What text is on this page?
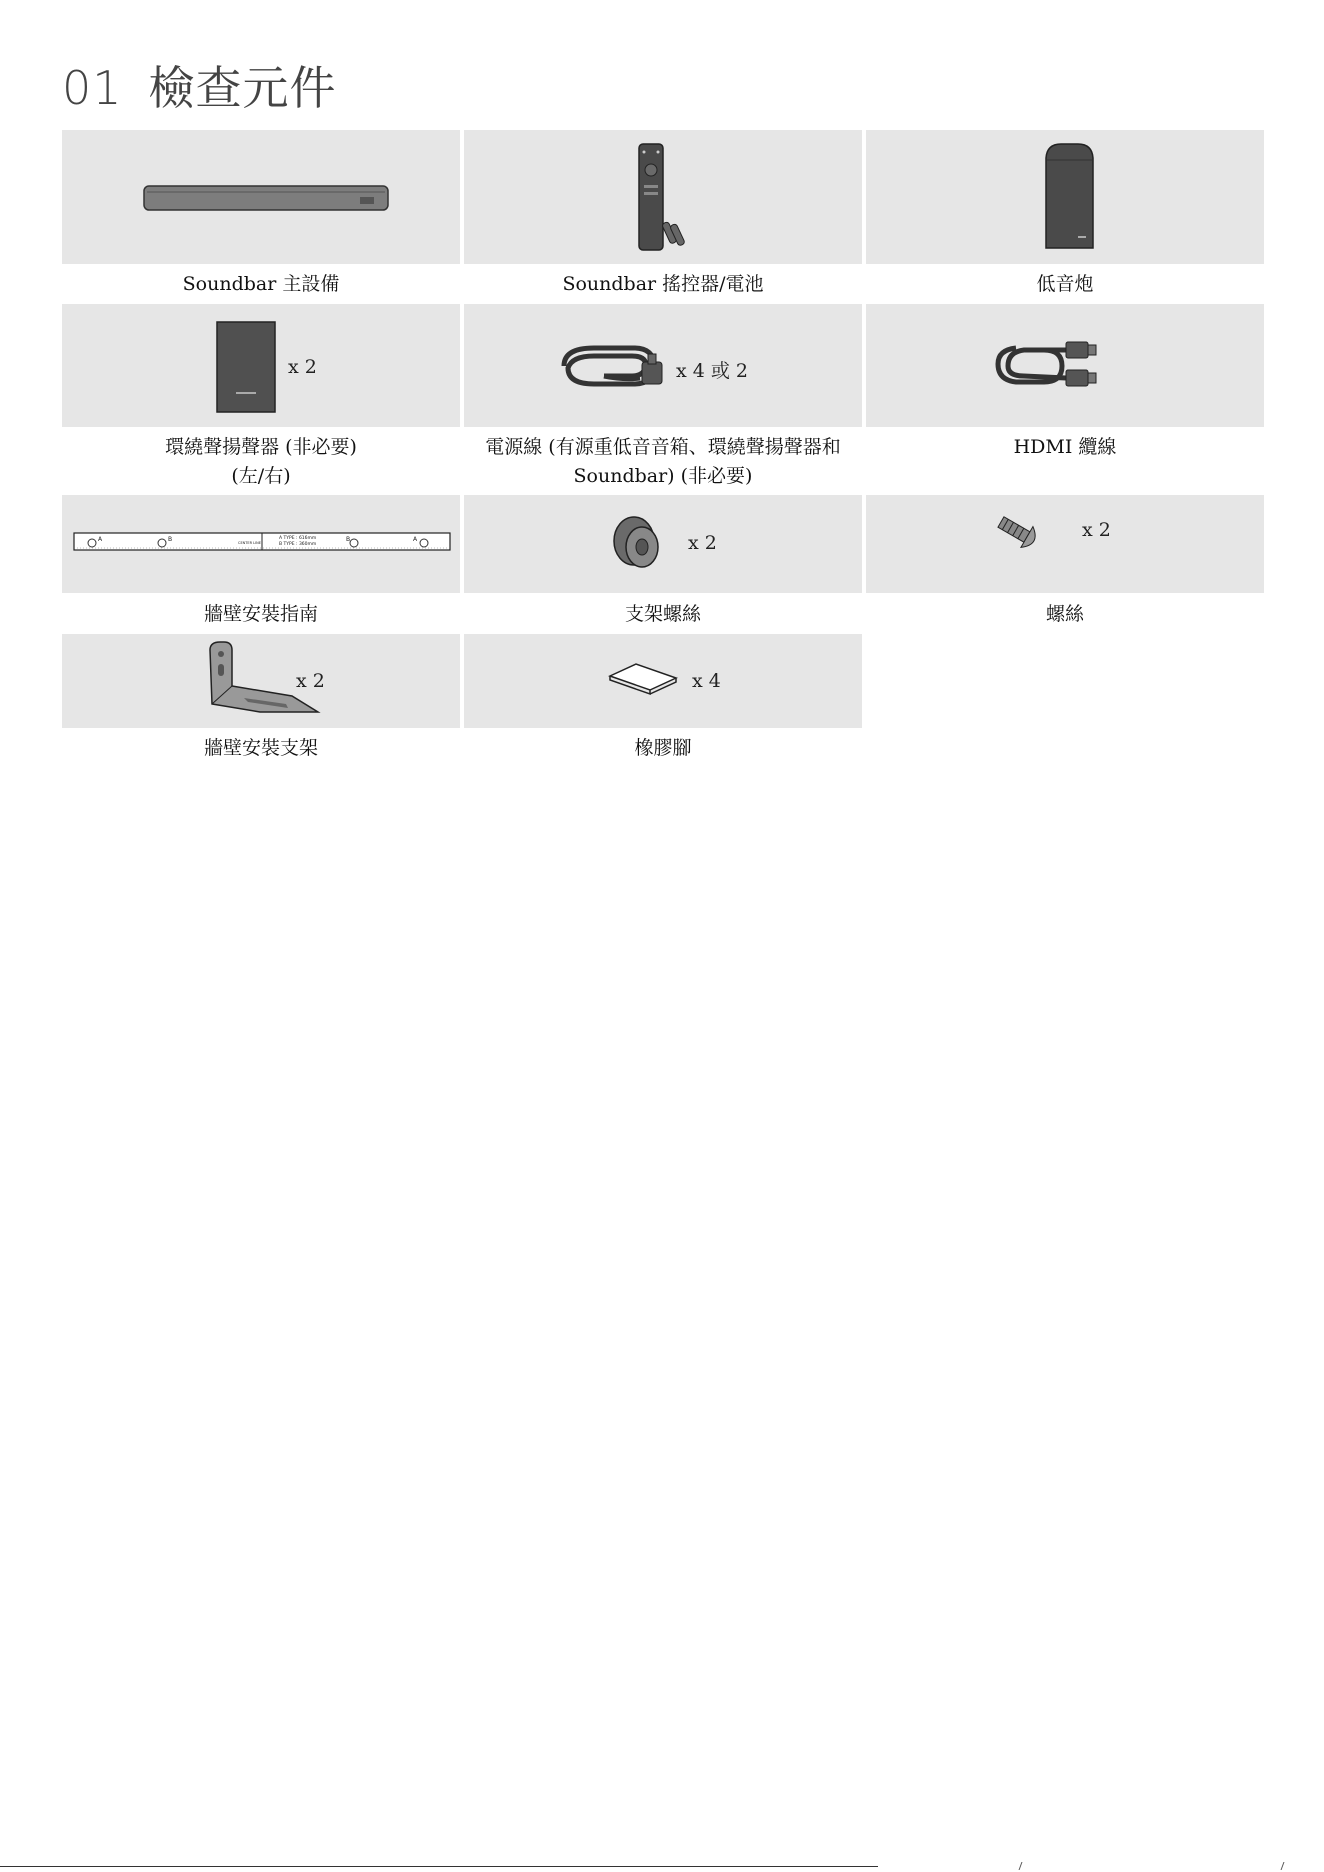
01 檢查元件
Soundbar 主設備	Soundbar 搖控器/電池	低音炮
x 2	x 4 或 2
環繞聲揚聲器 (非必要)
(左/右)
電源線 (有源重低音音箱、環繞聲揚聲器和
Soundbar) (非必要)
HDMI 纜線
A	B	CENTER LINE
A TYPE : 616mm
B TYPE : 360mm
B	A	x 2
x 2
牆壁安裝指南	支架螺絲	螺絲
x 2	x 4
牆壁安裝支架	橡膠腳
